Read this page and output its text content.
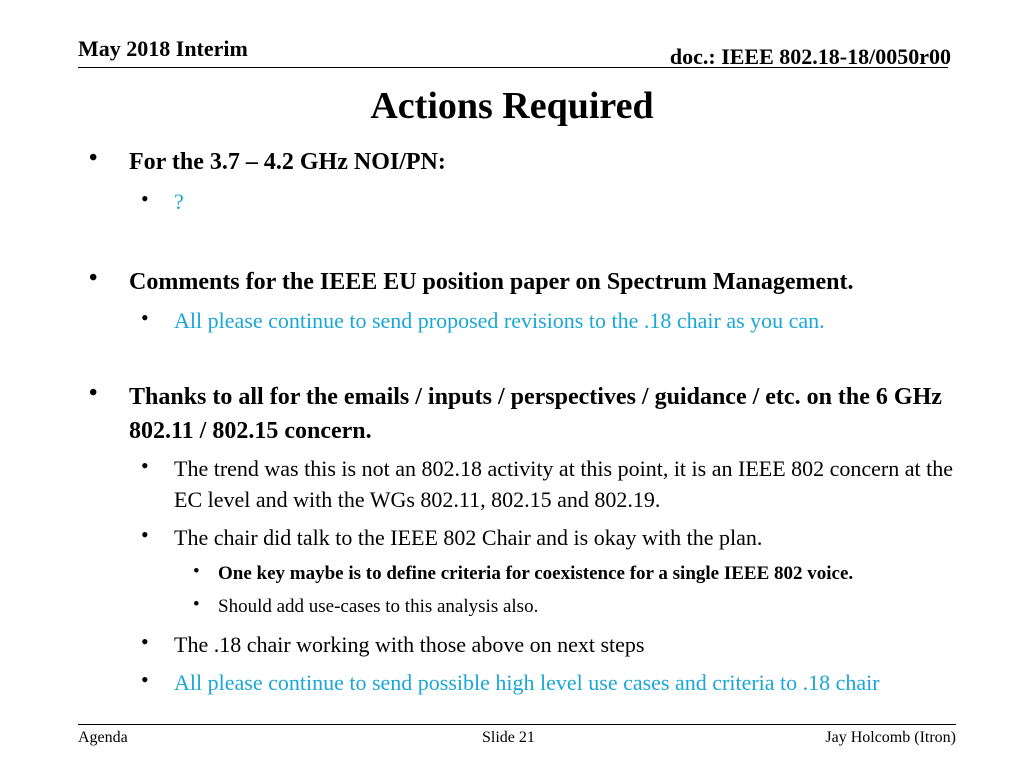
May 2018 Interim	doc.: IEEE 802.18-18/0050r00
Actions Required
• For the 3.7 – 4.2 GHz NOI/PN:
• ?
• Comments for the IEEE EU position paper on Spectrum Management.
• All please continue to send proposed revisions to the .18 chair as you can.
• Thanks to all for the emails / inputs / perspectives / guidance / etc. on the 6 GHz 802.11 / 802.15 concern.
• The trend was this is not an 802.18 activity at this point, it is an IEEE 802 concern at the EC level and with the WGs 802.11, 802.15 and 802.19.
• The chair did talk to the IEEE 802 Chair and is okay with the plan.
• One key maybe is to define criteria for coexistence for a single IEEE 802 voice.
• Should add use-cases to this analysis also.
• The .18 chair working with those above on next steps
• All please continue to send possible high level use cases and criteria to .18 chair
Agenda	Slide 21	Jay Holcomb (Itron)
